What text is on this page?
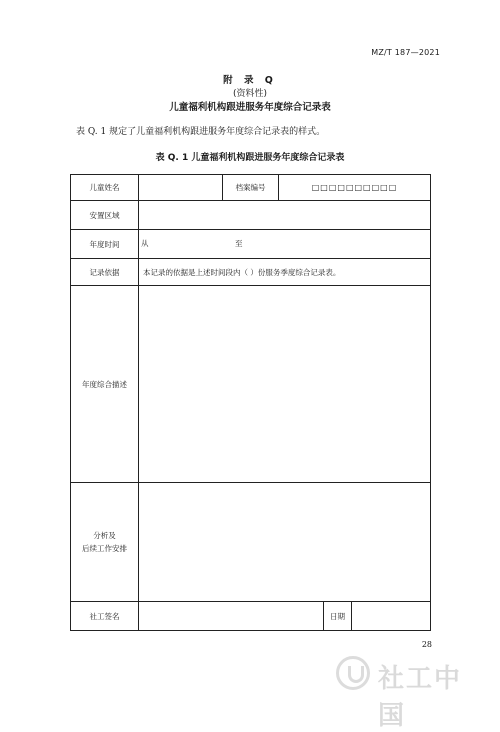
MZ/T 187—2021
附 录 Q
(资料性)
儿童福利机构跟进服务年度综合记录表
表 Q. 1 规定了儿童福利机构跟进服务年度综合记录表的样式。
表 Q. 1 儿童福利机构跟进服务年度综合记录表
儿童姓名		档案编号	□□□□□□□□□□		
安置区域					
年度时间	从 至				

记录依据	本记录的依据是上述时间段内（ ）份服务季度综合记录表。				
年度综合描述					

分析及
后续工作安排					

社工签名				日期	
28
社工中国
